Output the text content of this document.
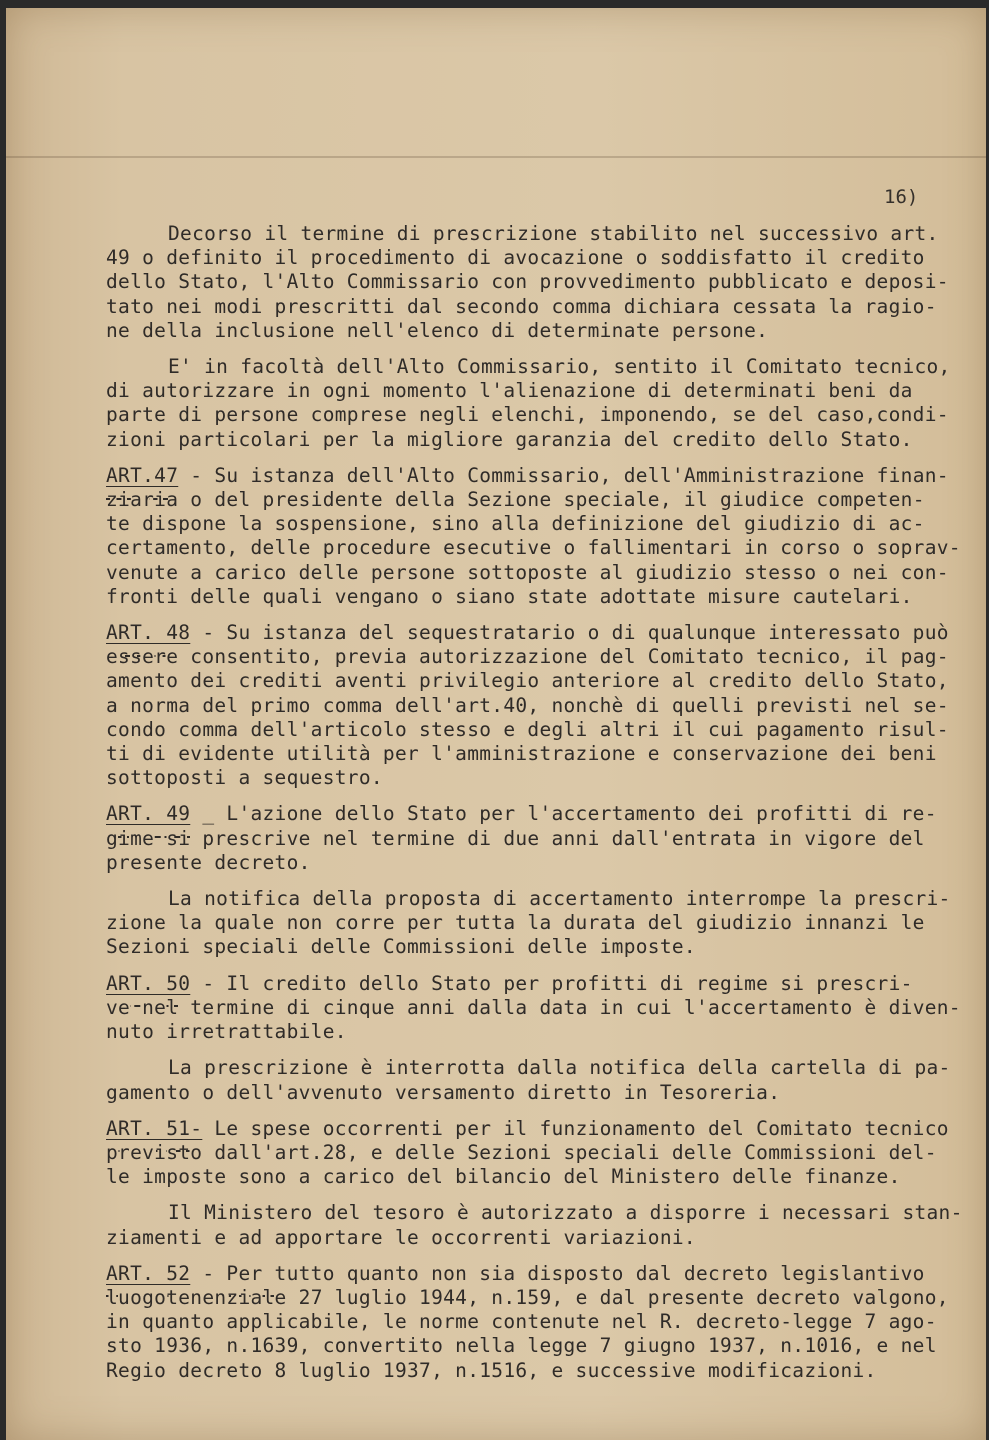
16)
Decorso il termine di prescrizione stabilito nel successivo art.
49 o definito il procedimento di avocazione o soddisfatto il credito
dello Stato, l'Alto Commissario con provvedimento pubblicato e deposi-
tato nei modi prescritti dal secondo comma dichiara cessata la ragio-
ne della inclusione nell'elenco di determinate persone.
E' in facoltà dell'Alto Commissario, sentito il Comitato tecnico,
di autorizzare in ogni momento l'alienazione di determinati beni da
parte di persone comprese negli elenchi, imponendo, se del caso,condi-
zioni particolari per la migliore garanzia del credito dello Stato.
ART.47 - Su istanza dell'Alto Commissario, dell'Amministrazione finan-
ziaria o del presidente della Sezione speciale, il giudice competen-
te dispone la sospensione, sino alla definizione del giudizio di ac-
certamento, delle procedure esecutive o fallimentari in corso o soprav-
venute a carico delle persone sottoposte al giudizio stesso o nei con-
fronti delle quali vengano o siano state adottate misure cautelari.
ART. 48 - Su istanza del sequestratario o di qualunque interessato può
essere consentito, previa autorizzazione del Comitato tecnico, il pag-
amento dei crediti aventi privilegio anteriore al credito dello Stato,
a norma del primo comma dell'art.40, nonchè di quelli previsti nel se-
condo comma dell'articolo stesso e degli altri il cui pagamento risul-
ti di evidente utilità per l'amministrazione e conservazione dei beni
sottoposti a sequestro.
ART. 49 _ L'azione dello Stato per l'accertamento dei profitti di re-
gime si prescrive nel termine di due anni dall'entrata in vigore del
presente decreto.
La notifica della proposta di accertamento interrompe la prescri-
zione la quale non corre per tutta la durata del giudizio innanzi le
Sezioni speciali delle Commissioni delle imposte.
ART. 50 - Il credito dello Stato per profitti di regime si prescri-
ve nel termine di cinque anni dalla data in cui l'accertamento è diven-
nuto irretrattabile.
La prescrizione è interrotta dalla notifica della cartella di pa-
gamento o dell'avvenuto versamento diretto in Tesoreria.
ART. 51- Le spese occorrenti per il funzionamento del Comitato tecnico
previsto dall'art.28, e delle Sezioni speciali delle Commissioni del-
le imposte sono a carico del bilancio del Ministero delle finanze.
Il Ministero del tesoro è autorizzato a disporre i necessari stan-
ziamenti e ad apportare le occorrenti variazioni.
ART. 52 - Per tutto quanto non sia disposto dal decreto legislantivo
luogotenenziale 27 luglio 1944, n.159, e dal presente decreto valgono,
in quanto applicabile, le norme contenute nel R. decreto-legge 7 ago-
sto 1936, n.1639, convertito nella legge 7 giugno 1937, n.1016, e nel
Regio decreto 8 luglio 1937, n.1516, e successive modificazioni.
